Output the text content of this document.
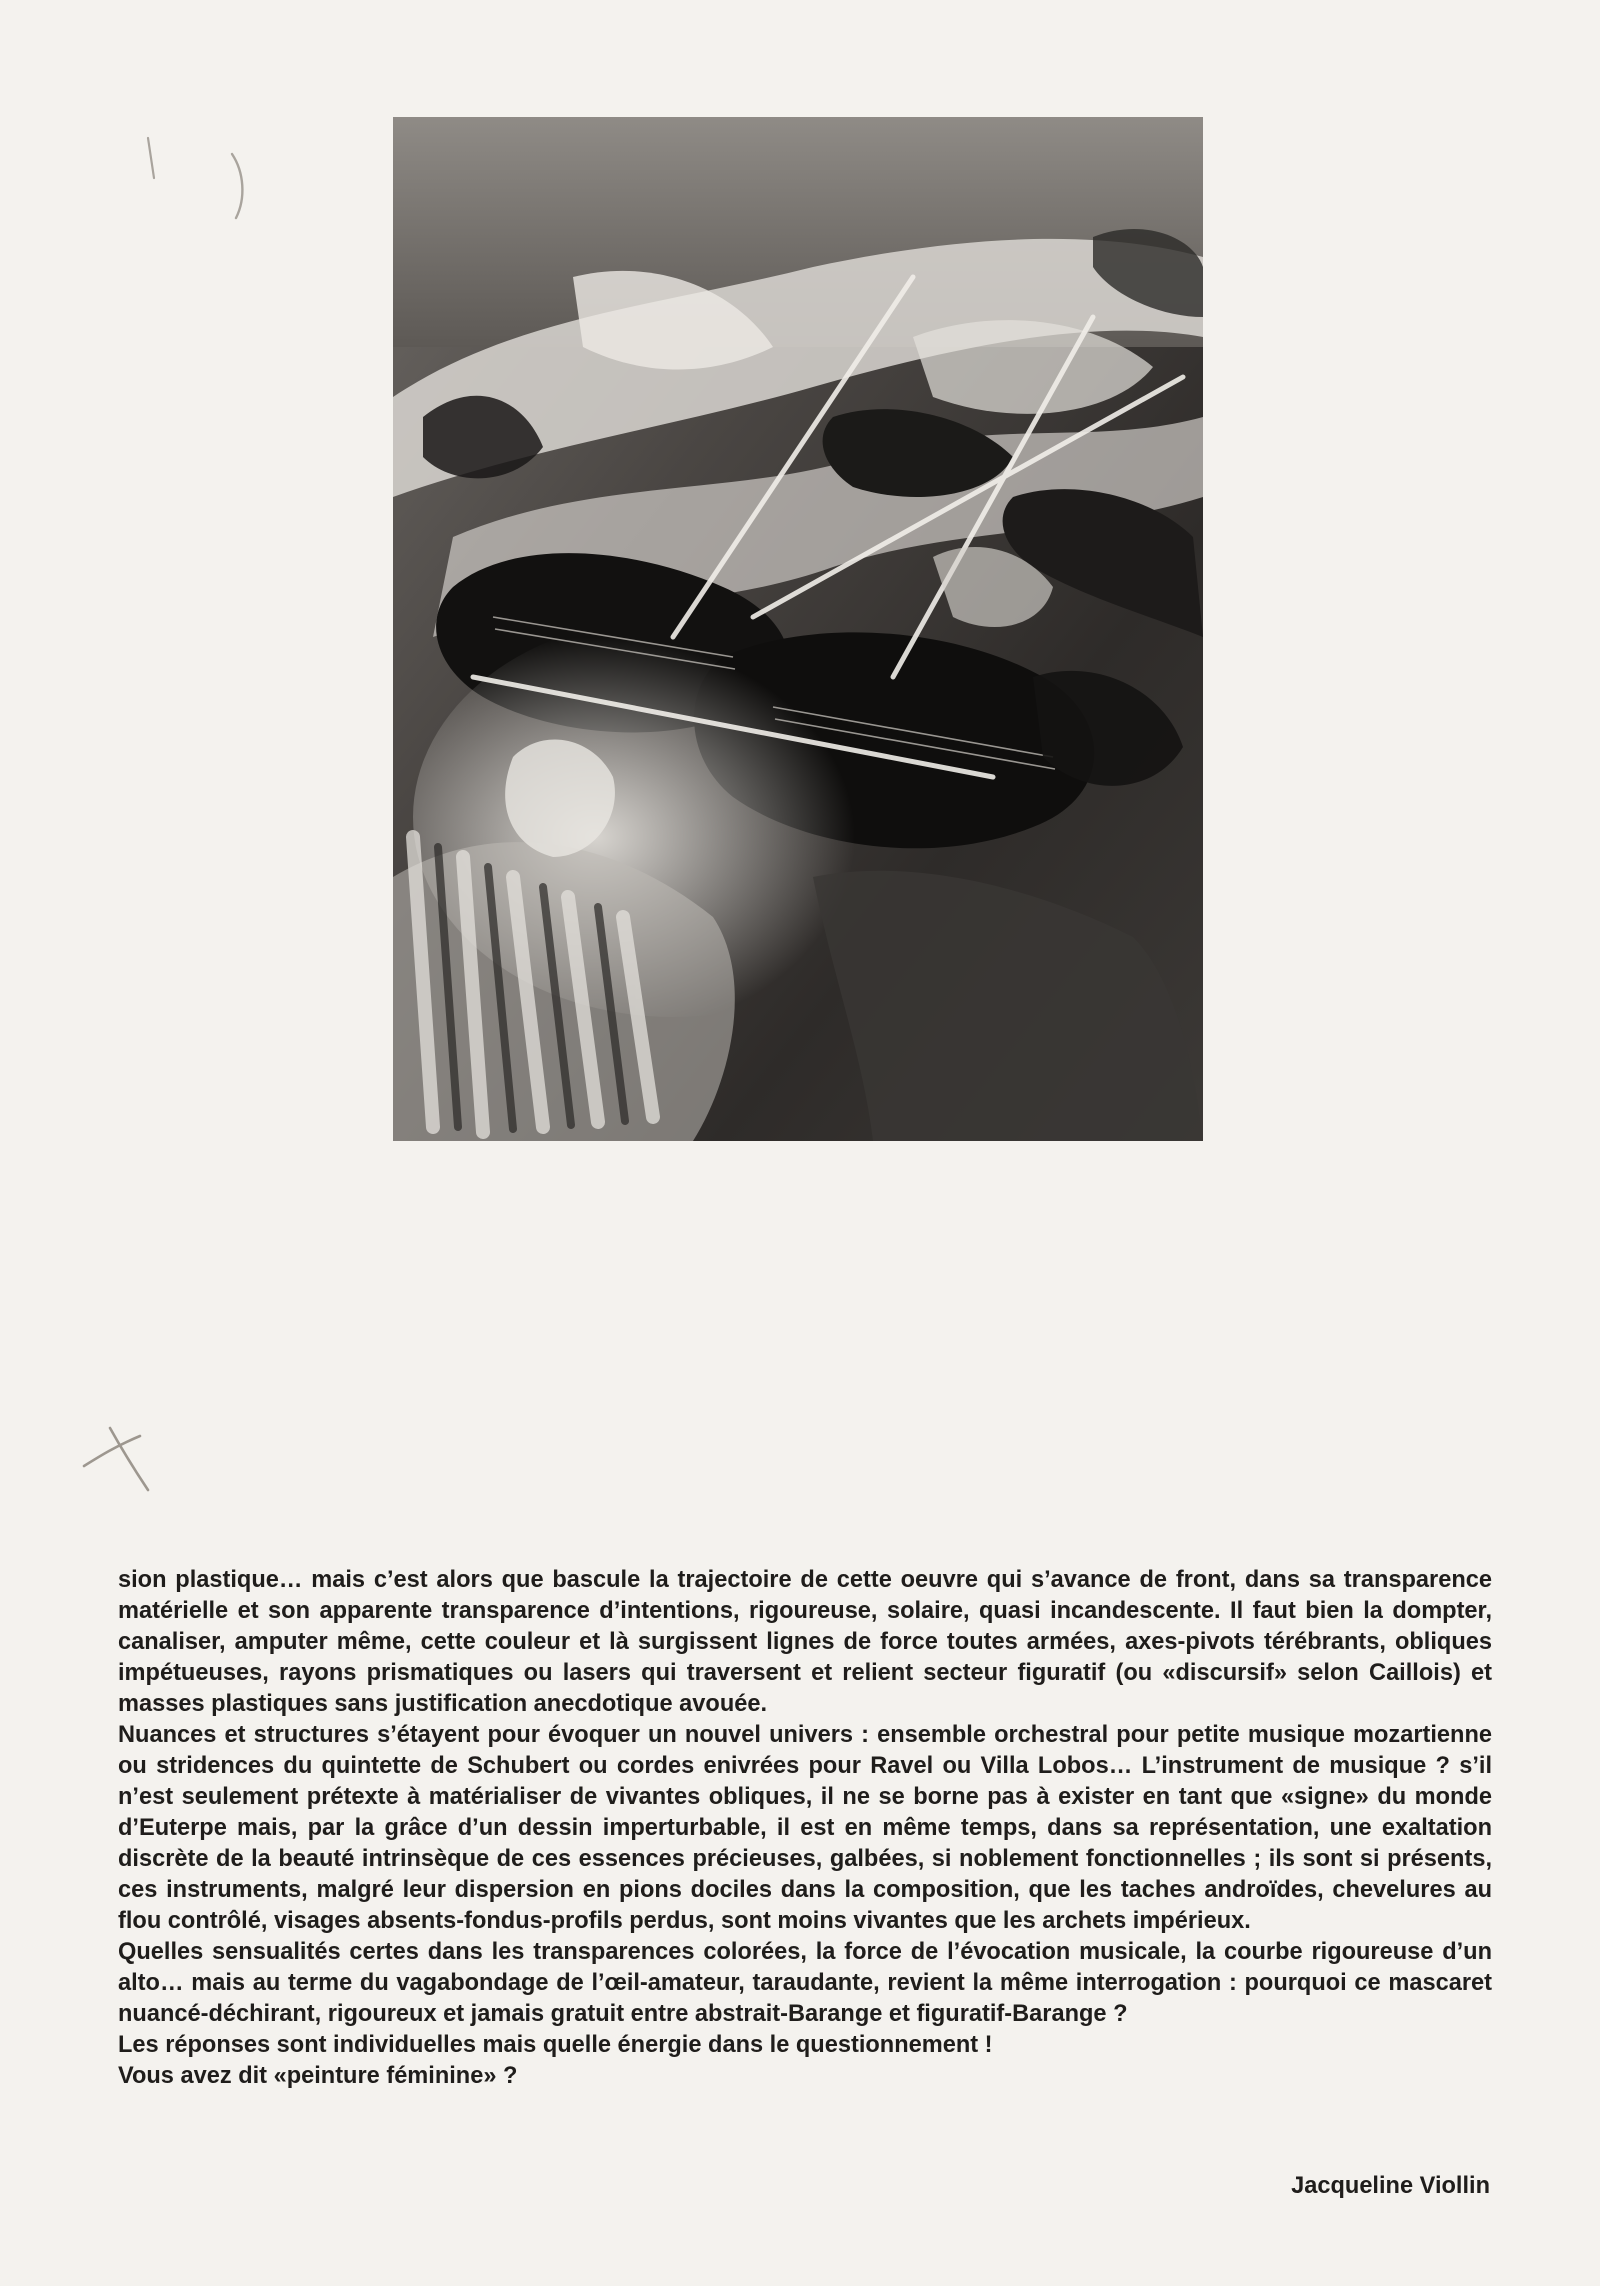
sion plastique… mais c’est alors que bascule la trajectoire de cette oeuvre qui s’avance de front, dans sa transparence matérielle et son apparente transparence d’intentions, rigoureuse, solaire, quasi incandescente. Il faut bien la dompter, canaliser, amputer même, cette couleur et là surgissent lignes de force toutes armées, axes-pivots térébrants, obliques impétueuses, rayons prismatiques ou lasers qui traversent et relient secteur figuratif (ou «discursif» selon Caillois) et masses plastiques sans justification anecdotique avouée.

Nuances et structures s’étayent pour évoquer un nouvel univers : ensemble orchestral pour petite musique mozartienne ou stridences du quintette de Schubert ou cordes enivrées pour Ravel ou Villa Lobos… L’instrument de musique ? s’il n’est seulement prétexte à matérialiser de vivantes obliques, il ne se borne pas à exister en tant que «signe» du monde d’Euterpe mais, par la grâce d’un dessin imperturbable, il est en même temps, dans sa représentation, une exaltation discrète de la beauté intrinsèque de ces essences précieuses, galbées, si noblement fonctionnelles ; ils sont si présents, ces instruments, malgré leur dispersion en pions dociles dans la composition, que les taches androïdes, chevelures au flou contrôlé, visages absents-fondus-profils perdus, sont moins vivantes que les archets impérieux.

Quelles sensualités certes dans les transparences colorées, la force de l’évocation musicale, la courbe rigoureuse d’un alto… mais au terme du vagabondage de l’œil-amateur, taraudante, revient la même interrogation : pourquoi ce mascaret nuancé-déchirant, rigoureux et jamais gratuit entre abstrait-Barange et figuratif-Barange ?

Les réponses sont individuelles mais quelle énergie dans le questionnement !

Vous avez dit «peinture féminine» ?

Jacqueline Viollin
